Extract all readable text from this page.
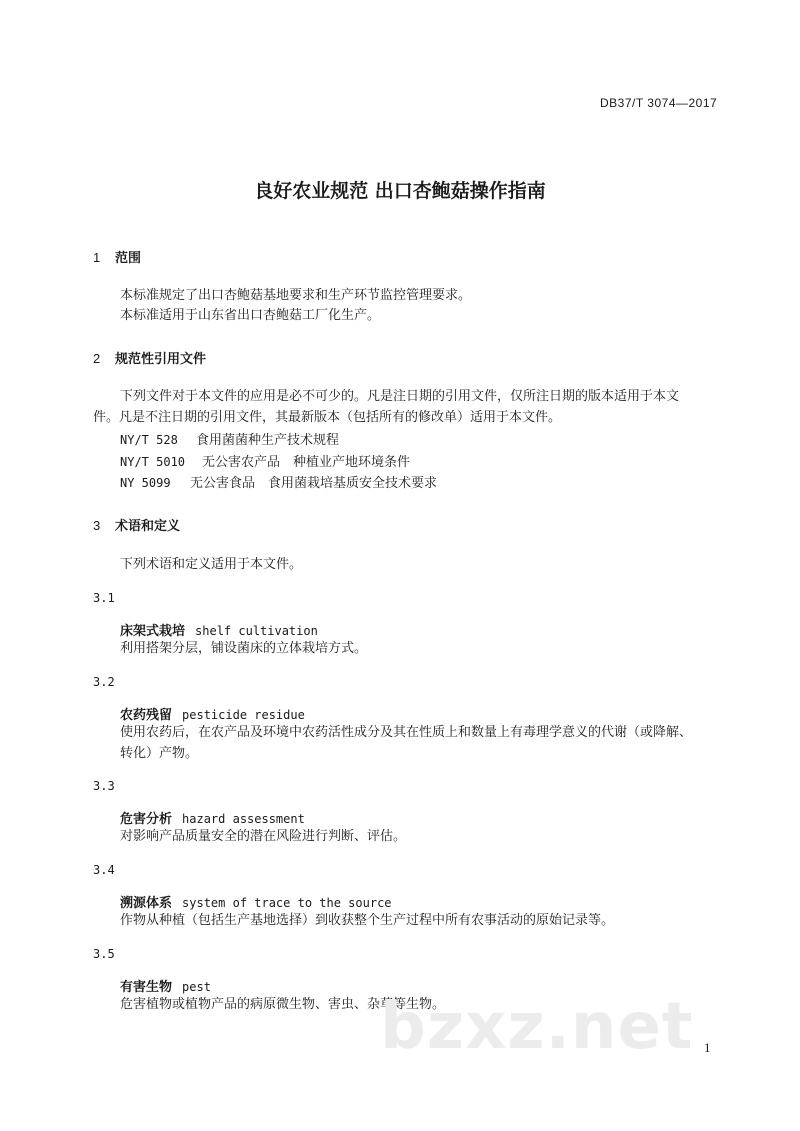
DB37/T 3074—2017
良好农业规范 出口杏鲍菇操作指南
1 范围
本标准规定了出口杏鲍菇基地要求和生产环节监控管理要求。
本标准适用于山东省出口杏鲍菇工厂化生产。
2 规范性引用文件
下列文件对于本文件的应用是必不可少的。凡是注日期的引用文件，仅所注日期的版本适用于本文
件。凡是不注日期的引用文件，其最新版本（包括所有的修改单）适用于本文件。
NY/T 528 食用菌菌种生产技术规程
NY/T 5010 无公害农产品　种植业产地环境条件
NY 5099 无公害食品　食用菌栽培基质安全技术要求
3 术语和定义
下列术语和定义适用于本文件。
3.1
床架式栽培 shelf cultivation
利用搭架分层，铺设菌床的立体栽培方式。
3.2
农药残留 pesticide residue
使用农药后，在农产品及环境中农药活性成分及其在性质上和数量上有毒理学意义的代谢（或降解、
转化）产物。
3.3
危害分析 hazard assessment
对影响产品质量安全的潜在风险进行判断、评估。
3.4
溯源体系 system of trace to the source
作物从种植（包括生产基地选择）到收获整个生产过程中所有农事活动的原始记录等。
3.5
有害生物 pest
危害植物或植物产品的病原微生物、害虫、杂草等生物。
bzxz.net 1
